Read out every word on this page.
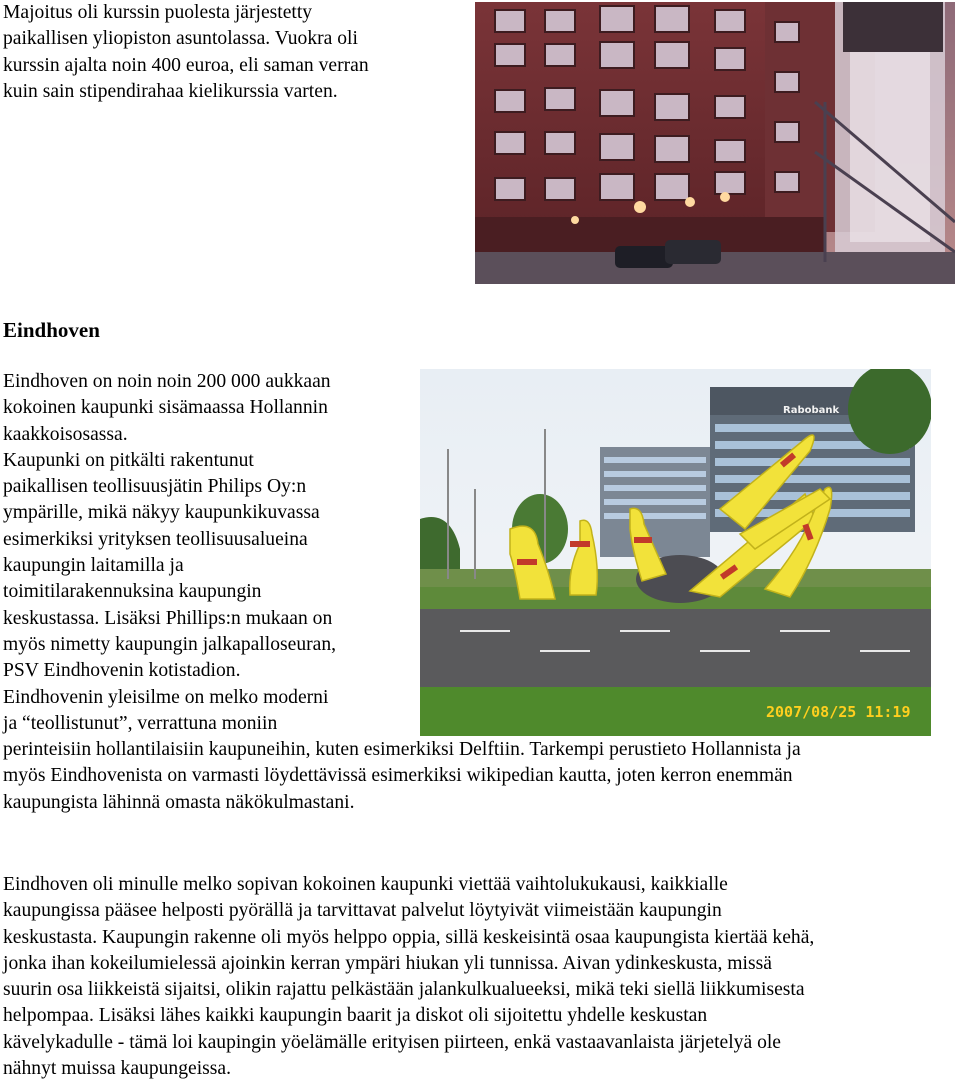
Majoitus oli kurssin puolesta järjestetty
paikallisen yliopiston asuntolassa. Vuokra oli
kurssin ajalta noin 400 euroa, eli saman verran
kuin sain stipendirahaa kielikurssia varten.
Eindhoven
Eindhoven on noin noin 200 000 aukkaan
kokoinen kaupunki sisämaassa Hollannin
kaakkoisosassa.
Kaupunki on pitkälti rakentunut
paikallisen teollisuusjätin Philips Oy:n
ympärille, mikä näkyy kaupunkikuvassa
esimerkiksi yrityksen teollisuusalueina
kaupungin laitamilla ja
toimitilarakennuksina kaupungin
keskustassa. Lisäksi Phillips:n mukaan on
myös nimetty kaupungin jalkapalloseuran,
PSV Eindhovenin kotistadion.
Eindhovenin yleisilme on melko moderni
ja “teollistunut”, verrattuna moniin
perinteisiin hollantilaisiin kaupuneihin, kuten esimerkiksi Delftiin. Tarkempi perustieto Hollannista ja
myös Eindhovenista on varmasti löydettävissä esimerkiksi wikipedian kautta, joten kerron enemmän
kaupungista lähinnä omasta näkökulmastani.
Rabobank
2007/08/25 11:19
Eindhoven oli minulle melko sopivan kokoinen kaupunki viettää vaihtolukukausi, kaikkialle
kaupungissa pääsee helposti pyörällä ja tarvittavat palvelut löytyivät viimeistään kaupungin
keskustasta. Kaupungin rakenne oli myös helppo oppia, sillä keskeisintä osaa kaupungista kiertää kehä,
jonka ihan kokeilumielessä ajoinkin kerran ympäri hiukan yli tunnissa. Aivan ydinkeskusta, missä
suurin osa liikkeistä sijaitsi, olikin rajattu pelkästään jalankulkualueeksi, mikä teki siellä liikkumisesta
helpompaa. Lisäksi lähes kaikki kaupungin baarit ja diskot oli sijoitettu yhdelle keskustan
kävelykadulle - tämä loi kaupingin yöelämälle erityisen piirteen, enkä vastaavanlaista järjetelyä ole
nähnyt muissa kaupungeissa.
